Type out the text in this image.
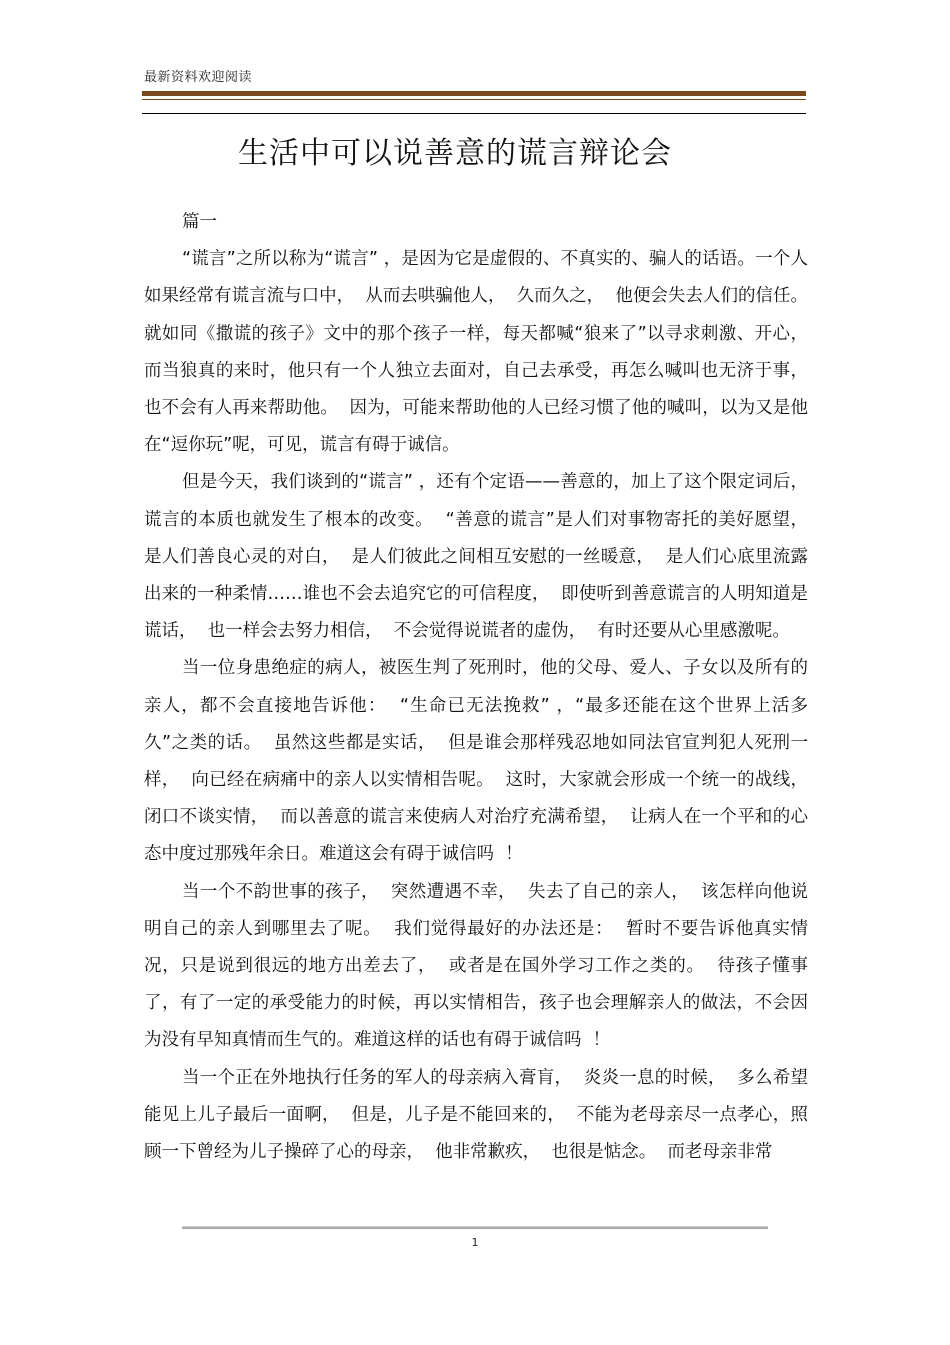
最新资料欢迎阅读
生活中可以说善意的谎言辩论会

篇一

“谎言”之所以称为“谎言” ，是因为它是虚假的、不真实的、骗人的话语。一个人如果经常有谎言流与口中，  从而去哄骗他人，  久而久之，  他便会失去人们的信任。就如同《撒谎的孩子》文中的那个孩子一样，每天都喊“狼来了”以寻求刺激、开心，而当狼真的来时，他只有一个人独立去面对，自己去承受，再怎么喊叫也无济于事，  也不会有人再来帮助他。  因为，可能来帮助他的人已经习惯了他的喊叫，以为又是他在“逗你玩”呢，可见，谎言有碍于诚信。

但是今天，我们谈到的“谎言” ，还有个定语——善意的，加上了这个限定词后，谎言的本质也就发生了根本的改变。  “善意的谎言”是人们对事物寄托的美好愿望，  是人们善良心灵的对白，  是人们彼此之间相互安慰的一丝暖意，  是人们心底里流露出来的一种柔情……谁也不会去追究它的可信程度，  即使听到善意谎言的人明知道是谎话，  也一样会去努力相信，  不会觉得说谎者的虚伪，  有时还要从心里感激呢。

当一位身患绝症的病人，被医生判了死刑时，他的父母、爱人、子女以及所有的亲人，都不会直接地告诉他：  “生命已无法挽救” ，“最多还能在这个世界上活多久”之类的话。  虽然这些都是实话，  但是谁会那样残忍地如同法官宣判犯人死刑一样，  向已经在病痛中的亲人以实情相告呢。  这时，大家就会形成一个统一的战线，闭口不谈实情，  而以善意的谎言来使病人对治疗充满希望，  让病人在一个平和的心态中度过那残年余日。难道这会有碍于诚信吗  ！

当一个不韵世事的孩子，  突然遭遇不幸，  失去了自己的亲人，  该怎样向他说明自己的亲人到哪里去了呢。  我们觉得最好的办法还是：  暂时不要告诉他真实情况，只是说到很远的地方出差去了，  或者是在国外学习工作之类的。  待孩子懂事了，有了一定的承受能力的时候，再以实情相告，孩子也会理解亲人的做法，不会因为没有早知真情而生气的。难道这样的话也有碍于诚信吗  ！

当一个正在外地执行任务的军人的母亲病入膏肓，  炎炎一息的时候，  多么希望能见上儿子最后一面啊，  但是，儿子是不能回来的，  不能为老母亲尽一点孝心，照顾一下曾经为儿子操碎了心的母亲，  他非常歉疚，  也很是惦念。  而老母亲非常

1
